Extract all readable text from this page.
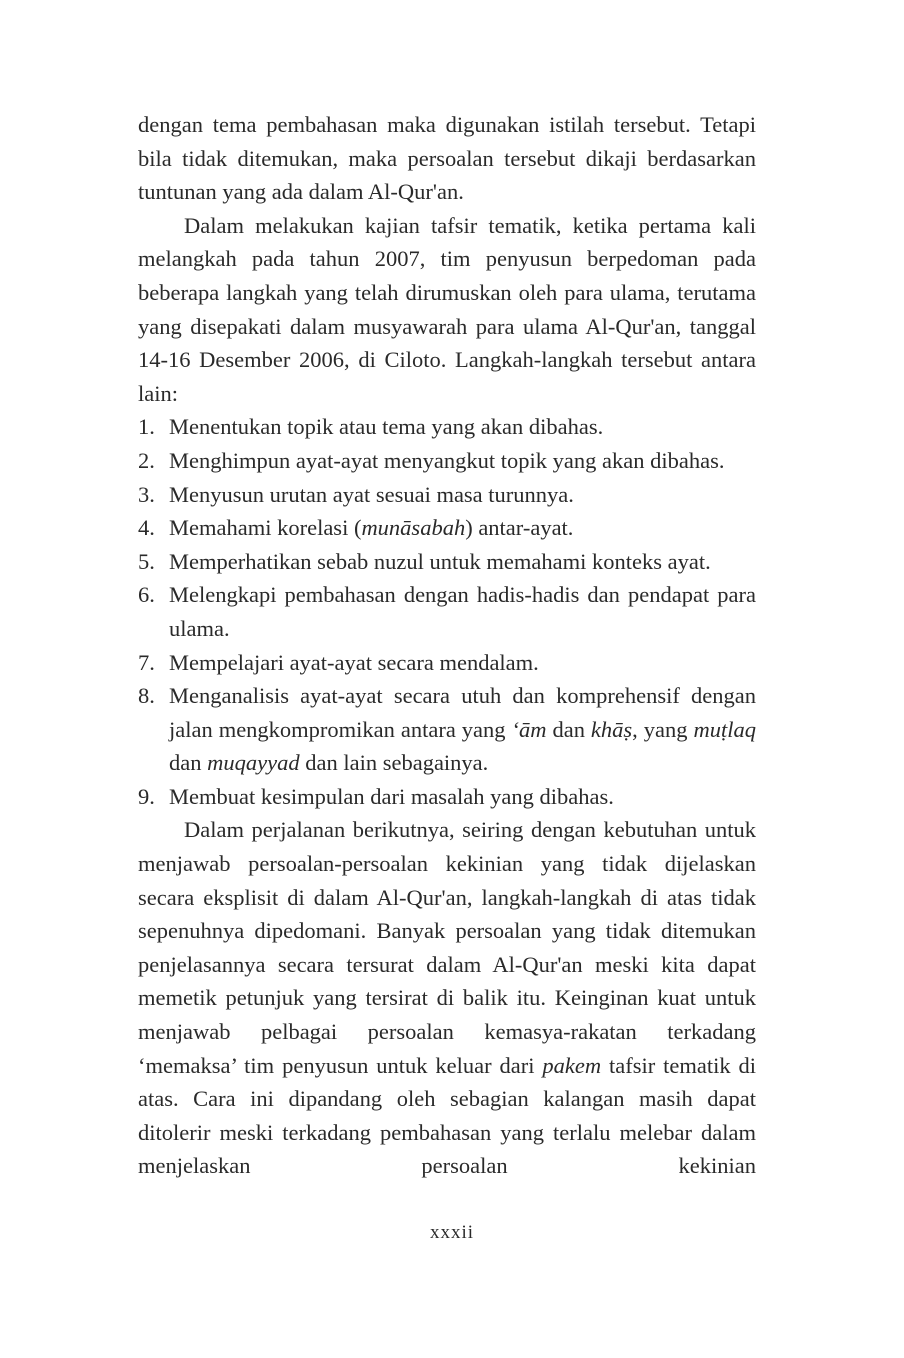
dengan tema pembahasan maka digunakan istilah tersebut. Tetapi bila tidak ditemukan, maka persoalan tersebut dikaji berdasarkan tuntunan yang ada dalam Al-Qur'an.

Dalam melakukan kajian tafsir tematik, ketika pertama kali melangkah pada tahun 2007, tim penyusun berpedoman pada beberapa langkah yang telah dirumuskan oleh para ulama, terutama yang disepakati dalam musyawarah para ulama Al-Qur'an, tanggal 14-16 Desember 2006, di Ciloto. Langkah-langkah tersebut antara lain:

1. Menentukan topik atau tema yang akan dibahas.
2. Menghimpun ayat-ayat menyangkut topik yang akan dibahas.
3. Menyusun urutan ayat sesuai masa turunnya.
4. Memahami korelasi (munāsabah) antar-ayat.
5. Memperhatikan sebab nuzul untuk memahami konteks ayat.
6. Melengkapi pembahasan dengan hadis-hadis dan pendapat para ulama.
7. Mempelajari ayat-ayat secara mendalam.
8. Menganalisis ayat-ayat secara utuh dan komprehensif dengan jalan mengkompromikan antara yang ‘ām dan khāṣ, yang muṭlaq dan muqayyad dan lain sebagainya.
9. Membuat kesimpulan dari masalah yang dibahas.

Dalam perjalanan berikutnya, seiring dengan kebutuhan untuk menjawab persoalan-persoalan kekinian yang tidak dijelaskan secara eksplisit di dalam Al-Qur'an, langkah-langkah di atas tidak sepenuhnya dipedomani. Banyak persoalan yang tidak ditemukan penjelasannya secara tersurat dalam Al-Qur'an meski kita dapat memetik petunjuk yang tersirat di balik itu. Keinginan kuat untuk menjawab pelbagai persoalan kemasya-rakatan terkadang ‘memaksa’ tim penyusun untuk keluar dari pakem tafsir tematik di atas. Cara ini dipandang oleh sebagian kalangan masih dapat ditolerir meski terkadang pembahasan yang terlalu melebar dalam menjelaskan persoalan kekinian

xxxii
